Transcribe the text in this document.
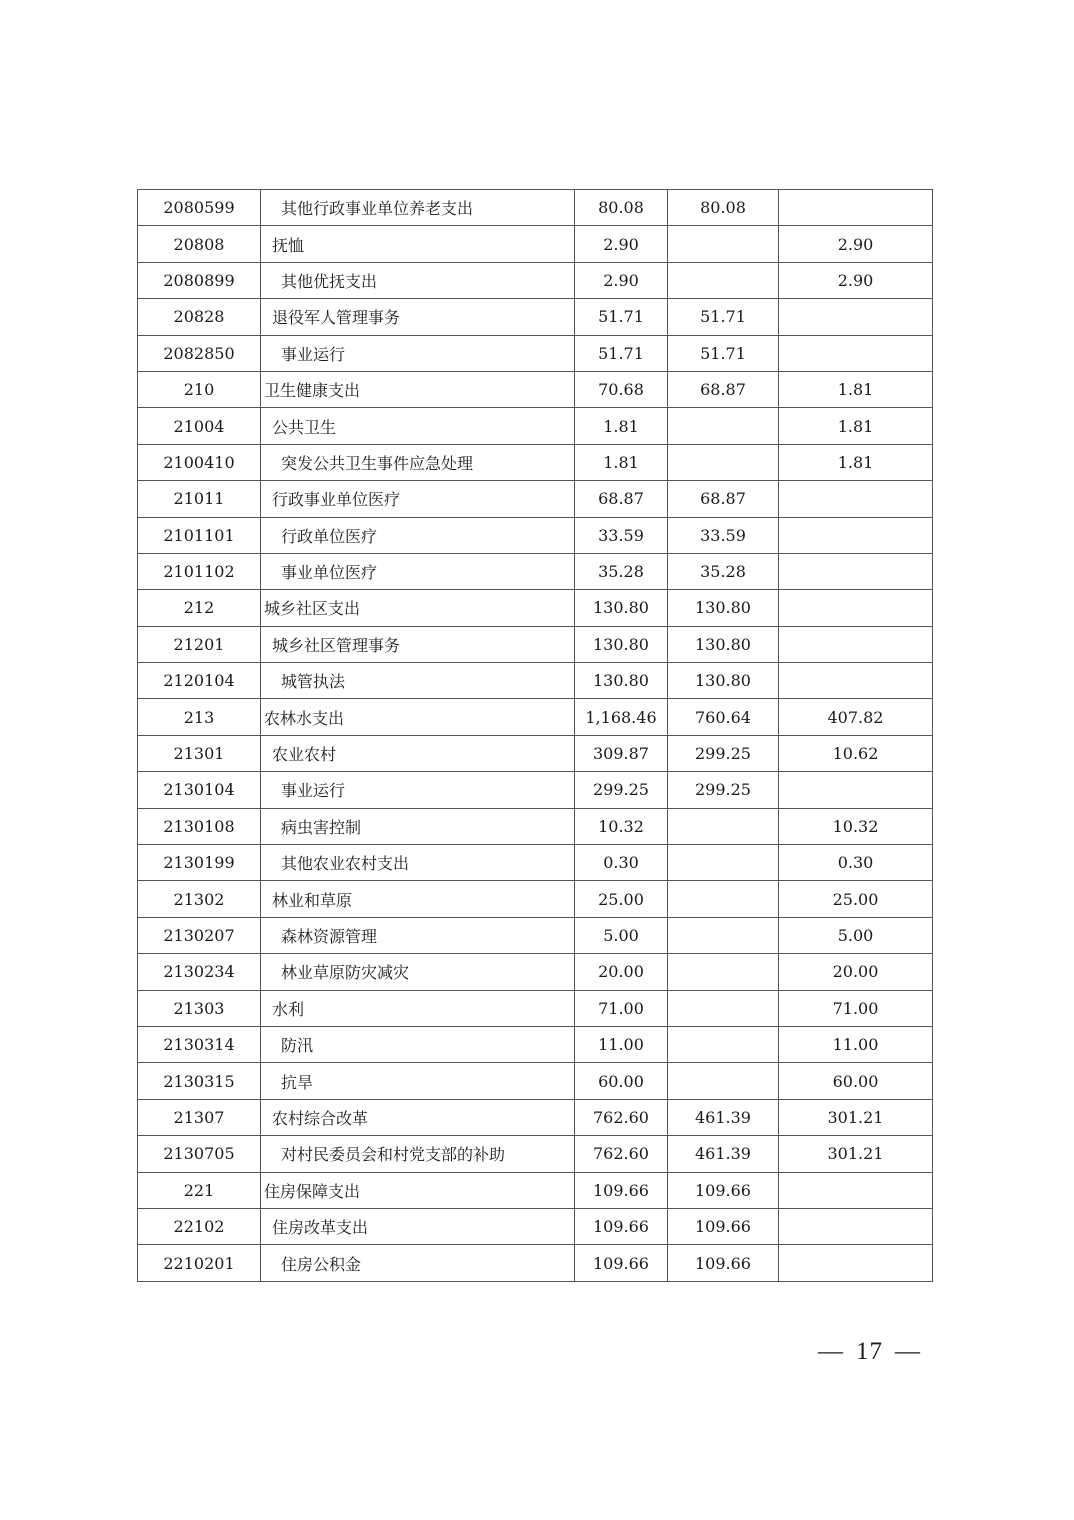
2080599	其他行政事业单位养老支出	80.08	80.08	
20808	抚恤	2.90		2.90
2080899	其他优抚支出	2.90		2.90
20828	退役军人管理事务	51.71	51.71	
2082850	事业运行	51.71	51.71	
210	卫生健康支出	70.68	68.87	1.81
21004	公共卫生	1.81		1.81
2100410	突发公共卫生事件应急处理	1.81		1.81
21011	行政事业单位医疗	68.87	68.87	
2101101	行政单位医疗	33.59	33.59	
2101102	事业单位医疗	35.28	35.28	
212	城乡社区支出	130.80	130.80	
21201	城乡社区管理事务	130.80	130.80	
2120104	城管执法	130.80	130.80	
213	农林水支出	1,168.46	760.64	407.82
21301	农业农村	309.87	299.25	10.62
2130104	事业运行	299.25	299.25	
2130108	病虫害控制	10.32		10.32
2130199	其他农业农村支出	0.30		0.30
21302	林业和草原	25.00		25.00
2130207	森林资源管理	5.00		5.00
2130234	林业草原防灾减灾	20.00		20.00
21303	水利	71.00		71.00
2130314	防汛	11.00		11.00
2130315	抗旱	60.00		60.00
21307	农村综合改革	762.60	461.39	301.21
2130705	对村民委员会和村党支部的补助	762.60	461.39	301.21
221	住房保障支出	109.66	109.66	
22102	住房改革支出	109.66	109.66	
2210201	住房公积金	109.66	109.66	
— 17 —
